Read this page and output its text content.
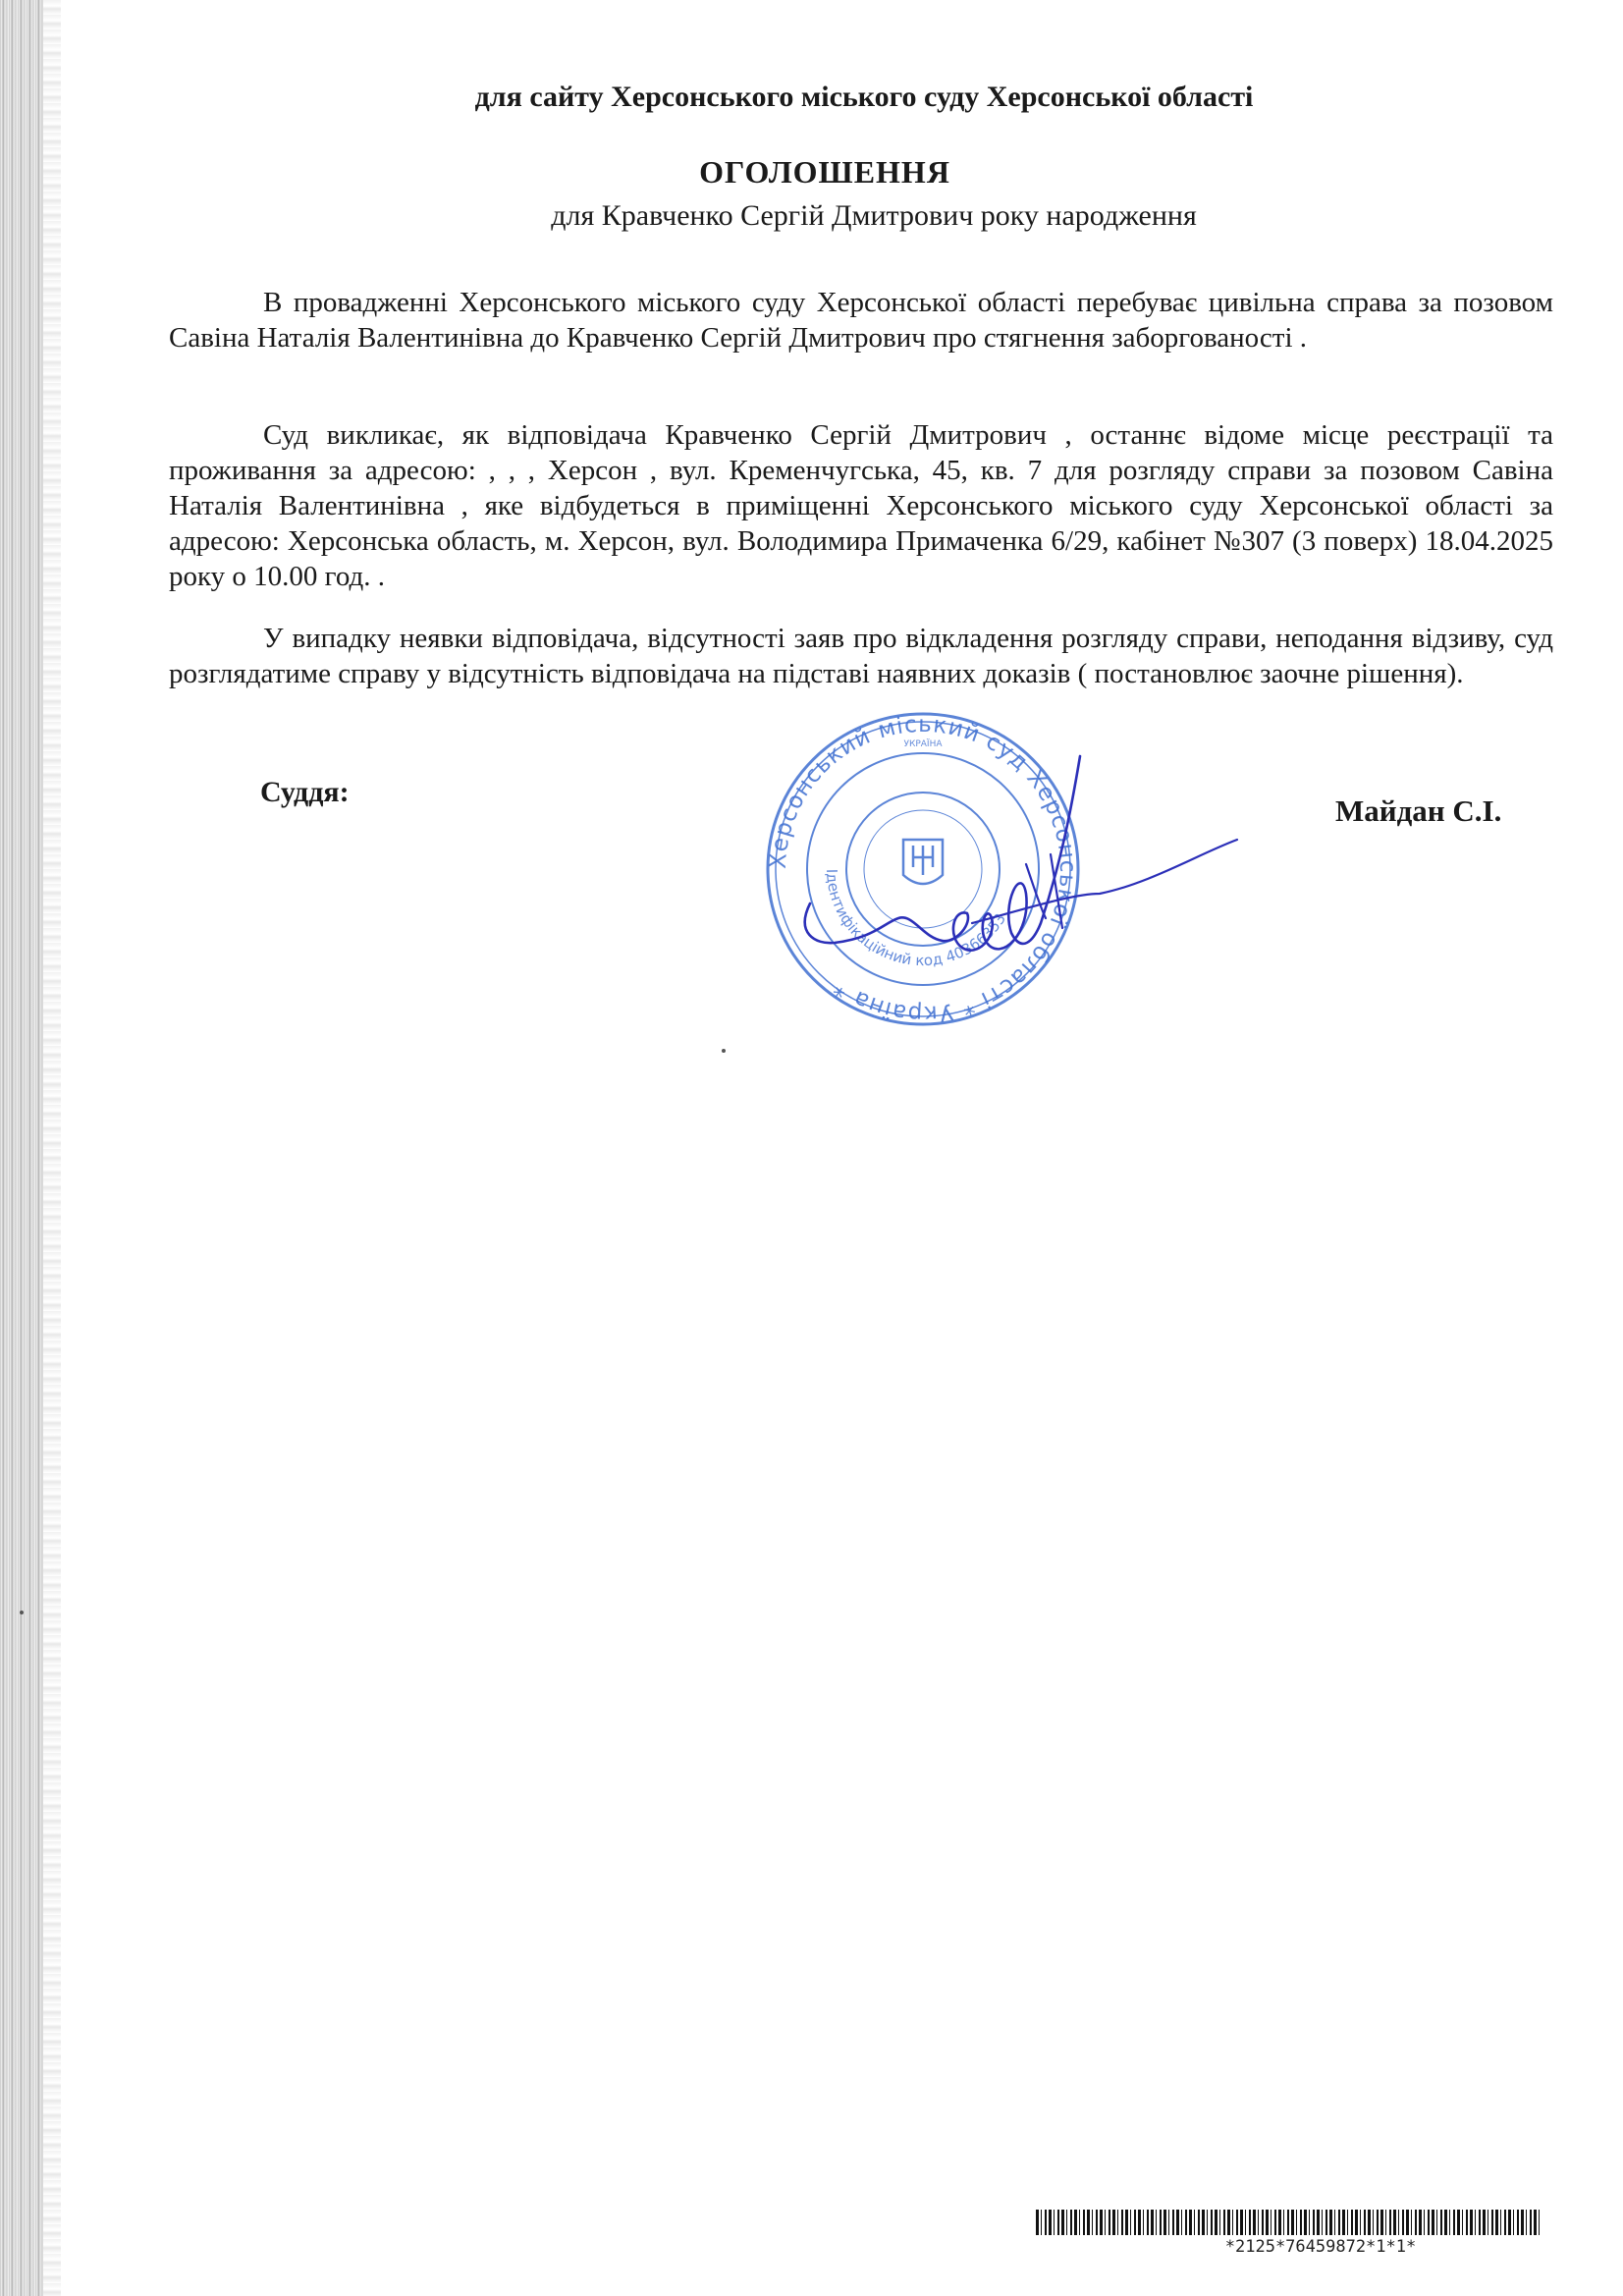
для сайту Херсонського міського суду Херсонської області
ОГОЛОШЕННЯ
для Кравченко Сергій Дмитрович року народження
В провадженні Херсонського міського суду Херсонської області перебуває цивільна справа за позовом Савіна Наталія Валентинівна до Кравченко Сергій Дмитрович про стягнення заборгованості .
Суд викликає, як відповідача Кравченко Сергій Дмитрович , останнє відоме місце реєстрації та проживання за адресою: , , , Херсон , вул. Кременчугська, 45, кв. 7 для розгляду справи за позовом Савіна Наталія Валентинівна , яке відбудеться в приміщенні Херсонського міського суду Херсонської області за адресою: Херсонська область, м. Херсон, вул. Володимира Примаченка 6/29, кабінет №307 (3 поверх) 18.04.2025 року о 10.00 год. .
У випадку неявки відповідача, відсутності заяв про відкладення розгляду справи, неподання відзиву, суд розглядатиме справу у відсутність відповідача на підставі наявних доказів ( постановлює заочне рішення).
Суддя:
Майдан С.І.
Херсонський міський суд Херсонської області * Україна *
Ідентифікаційний код 40366353
УКРАЇНА
*2125*76459872*1*1*
